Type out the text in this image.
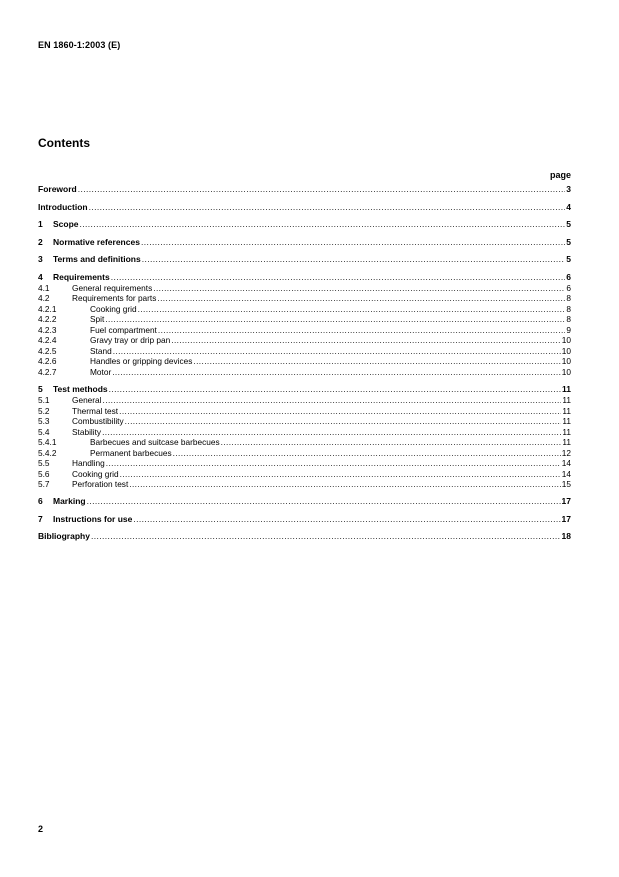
EN 1860-1:2003 (E)
Contents
page
Foreword .....	3
Introduction .....	4
1	Scope .....	5
2	Normative references .....	5
3	Terms and definitions .....	5
4	Requirements .....	6
4.1	General requirements .....	6
4.2	Requirements for parts .....	8
4.2.1	Cooking grid .....	8
4.2.2	Spit .....	8
4.2.3	Fuel compartment .....	9
4.2.4	Gravy tray or drip pan .....	10
4.2.5	Stand .....	10
4.2.6	Handles or gripping devices .....	10
4.2.7	Motor .....	10
5	Test methods .....	11
5.1	General .....	11
5.2	Thermal test .....	11
5.3	Combustibility .....	11
5.4	Stability .....	11
5.4.1	Barbecues and suitcase barbecues .....	11
5.4.2	Permanent barbecues .....	12
5.5	Handling .....	14
5.6	Cooking grid .....	14
5.7	Perforation test .....	15
6	Marking .....	17
7	Instructions for use .....	17
Bibliography .....	18
2
